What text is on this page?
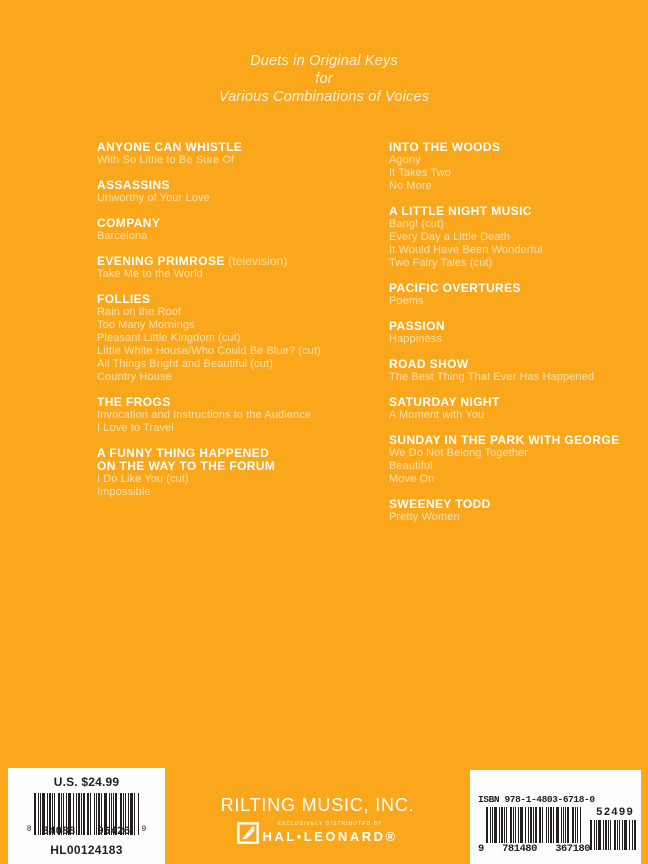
Duets in Original Keys
for
Various Combinations of Voices
ANYONE CAN WHISTLE
With So Little to Be Sure Of
ASSASSINS
Unworthy of Your Love
COMPANY
Barcelona
EVENING PRIMROSE (television)
Take Me to the World
FOLLIES
Rain on the Roof
Too Many Mornings
Pleasant Little Kingdom (cut)
Little White House/Who Could Be Blue? (cut)
All Things Bright and Beautiful (cut)
Country House
THE FROGS
Invocation and Instructions to the Audience
I Love to Travel
A FUNNY THING HAPPENED
ON THE WAY TO THE FORUM
I Do Like You (cut)
Impossible
INTO THE WOODS
Agony
It Takes Two
No More
A LITTLE NIGHT MUSIC
Bang! (cut)
Every Day a Little Death
It Would Have Been Wonderful
Two Fairy Tales (cut)
PACIFIC OVERTURES
Poems
PASSION
Happiness
ROAD SHOW
The Best Thing That Ever Has Happened
SATURDAY NIGHT
A Moment with You
SUNDAY IN THE PARK WITH GEORGE
We Do Not Belong Together
Beautiful
Move On
SWEENEY TODD
Pretty Women
U.S. $24.99
8	9
HL00124183
RILTING MUSIC, INC.
EXCLUSIVELY DISTRIBUTED BY
HAL•LEONARD®
ISBN 978-1-4803-6718-0
9 781480 367180
52499
